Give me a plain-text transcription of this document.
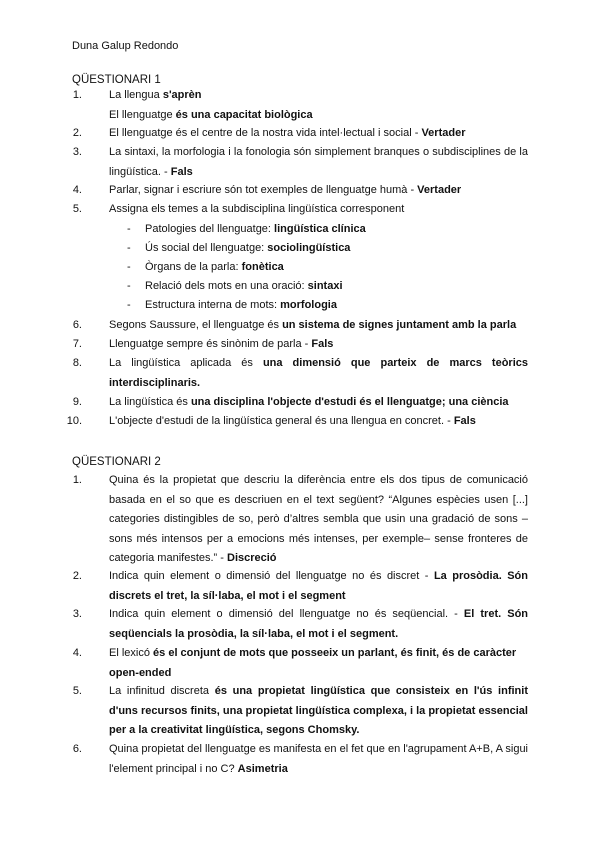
Duna Galup Redondo
QÜESTIONARI 1
1.	La llengua s'aprèn
El llenguatge és una capacitat biològica
2.	El llenguatge és el centre de la nostra vida intel·lectual i social - Vertader
3.	La sintaxi, la morfologia i la fonologia són simplement branques o subdisciplines de la lingüística. - Fals
4.	Parlar, signar i escriure són tot exemples de llenguatge humà - Vertader
5.	Assigna els temes a la subdisciplina lingüística corresponent
-	Patologies del llenguatge: lingüística clínica
-	Ús social del llenguatge: sociolingüística
-	Òrgans de la parla: fonètica
-	Relació dels mots en una oració: sintaxi
-	Estructura interna de mots: morfologia
6.	Segons Saussure, el llenguatge és un sistema de signes juntament amb la parla
7.	Llenguatge sempre és sinònim de parla - Fals
8.	La lingüística aplicada és una dimensió que parteix de marcs teòrics interdisciplinaris.
9.	La lingüística és una disciplina l'objecte d'estudi és el llenguatge; una ciència
10.	L'objecte d'estudi de la lingüística general és una llengua en concret. - Fals
QÜESTIONARI 2
1.	Quina és la propietat que descriu la diferència entre els dos tipus de comunicació basada en el so que es descriuen en el text següent? “Algunes espècies usen [...] categories distingibles de so, però d’altres sembla que usin una gradació de sons –sons més intensos per a emocions més intenses, per exemple– sense fronteres de categoria manifestes.” - Discreció
2.	Indica quin element o dimensió del llenguatge no és discret - La prosòdia. Són discrets el tret, la síl·laba, el mot i el segment
3.	Indica quin element o dimensió del llenguatge no és seqüencial. - El tret. Són seqüencials la prosòdia, la síl·laba, el mot i el segment.
4.	El lexicó és el conjunt de mots que posseeix un parlant, és finit, és de caràcter open-ended
5.	La infinitud discreta és una propietat lingüística que consisteix en l'ús infinit d'uns recursos finits, una propietat lingüística complexa, i la propietat essencial per a la creativitat lingüística, segons Chomsky.
6.	Quina propietat del llenguatge es manifesta en el fet que en l'agrupament A+B, A sigui l'element principal i no C? Asimetria
